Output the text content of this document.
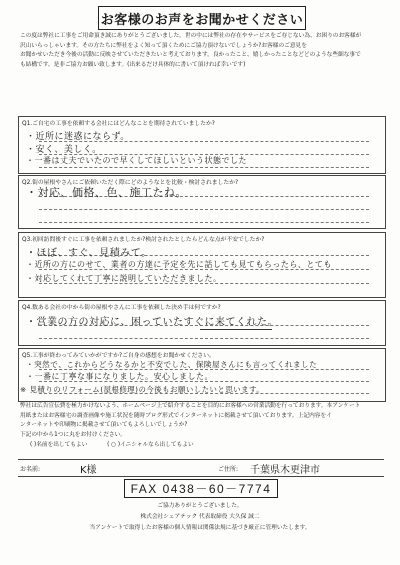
お客様のお声をお聞かせください
この度は弊社に工事をご用命頂き誠にありがとうございました。世の中には弊社の存在やサービスをご存じない為、お困りのお客様が
沢山いらっしゃいます。その方たちに弊社をよく知って頂くためにご協力頂けないでしょうか?お客様のご意見を
お聞かせいただき今後の活動に反映させていただきたいと考えております。良かったこと、嬉しかったことなどどのような些細な事で
も結構です。是非ご協力お願い致します。(出来るだけ具体的に書いて頂ければ幸いです)
Q1.ご自宅の工事を依頼する会社にはどんなことを期待されていましたか?
・近所に迷惑にならず。
・安く、美しく。
・一番は丈夫でいたので早くしてほしいという状態でした
Q2.街の屋根やさんにご依頼いただく際にどのようなとを比較・検討されましたか?
・対応、価格、色、施工たね。
Q3.初回訪問後すぐに工事を依頼されましたか?検討されたとしたらどんな点が不安でしたか?
・ほぼ、すぐ、見積みて。
・近所の方にのせて、業者の方達に予定を先に話しても見てもらったら、とても
・対応してくれて丁寧に説明していただきました。
Q4.数ある会社の中から街の屋根やさんに工事を依頼した決め手は何ですか?
・営業の方の対応に、困っていたすぐに来てくれた。
Q5.工事が終わってみていかがですか?ご自身の感想をお聞かせください。
・突然で、これからどうなるかと不安でした、保険屋さんにも言ってくれました
・一番に丁寧な事になりました。安心しました。
※ 見積りのリフォーム(屋根修理)の今後もお願いしたいと思います。
弊社は広告宣伝費を極力かけないよう、ホームページ上で紹介することを目的にお客様への営業活動を行っております。本アンケート
用紙またはお客様宅の調査画像や施工状況を随時ブログ形式でインターネットに掲載させて頂いております。上記内容をイ
ンターネットや印刷物に掲載させて頂いてもよろしいでしょうか?
下記の中から1つに丸をお付けください。
( )名前を出してもよい	( ○ )イニシャルなら出してもよい
お名前:	K様	ご住所: 千葉県木更津市
FAX 0438－60－7774
ご協力ありがとうございました。
株式会社シェアテック 代表取締役 大久保 誠二
当アンケートで取得したお客様の個人情報は関係法規に基づき厳正に管理いたします。
